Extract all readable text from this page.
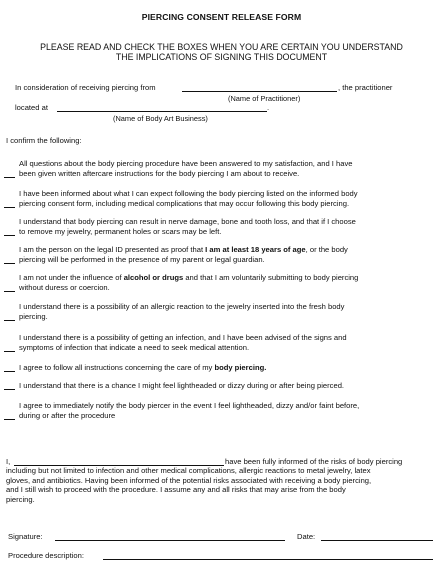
PIERCING CONSENT RELEASE FORM
PLEASE READ AND CHECK THE BOXES WHEN YOU ARE CERTAIN YOU UNDERSTAND
THE IMPLICATIONS OF SIGNING THIS DOCUMENT
In consideration of receiving piercing from	, the practitioner
(Name of Practitioner)
located at	.
(Name of Body Art Business)
I confirm the following:
All questions about the body piercing procedure have been answered to my satisfaction, and I have
been given written aftercare instructions for the body piercing I am about to receive.
I have been informed about what I can expect following the body piercing listed on the informed body
piercing consent form, including medical complications that may occur following this body piercing.
I understand that body piercing can result in nerve damage, bone and tooth loss, and that if I choose
to remove my jewelry, permanent holes or scars may be left.
I am the person on the legal ID presented as proof that I am at least 18 years of age, or the body
piercing will be performed in the presence of my parent or legal guardian.
I am not under the influence of alcohol or drugs and that I am voluntarily submitting to body piercing
without duress or coercion.
I understand there is a possibility of an allergic reaction to the jewelry inserted into the fresh body
piercing.
I understand there is a possibility of getting an infection, and I have been advised of the signs and
symptoms of infection that indicate a need to seek medical attention.
I agree to follow all instructions concerning the care of my body piercing.
I understand that there is a chance I might feel lightheaded or dizzy during or after being pierced.
I agree to immediately notify the body piercer in the event I feel lightheaded, dizzy and/or faint before,
during or after the procedure
I,	have been fully informed of the risks of body piercing
including but not limited to infection and other medical complications, allergic reactions to metal jewelry, latex
gloves, and antibiotics. Having been informed of the potential risks associated with receiving a body piercing,
and I still wish to proceed with the procedure. I assume any and all risks that may arise from the body
piercing.
Signature:	Date:
Procedure description:
